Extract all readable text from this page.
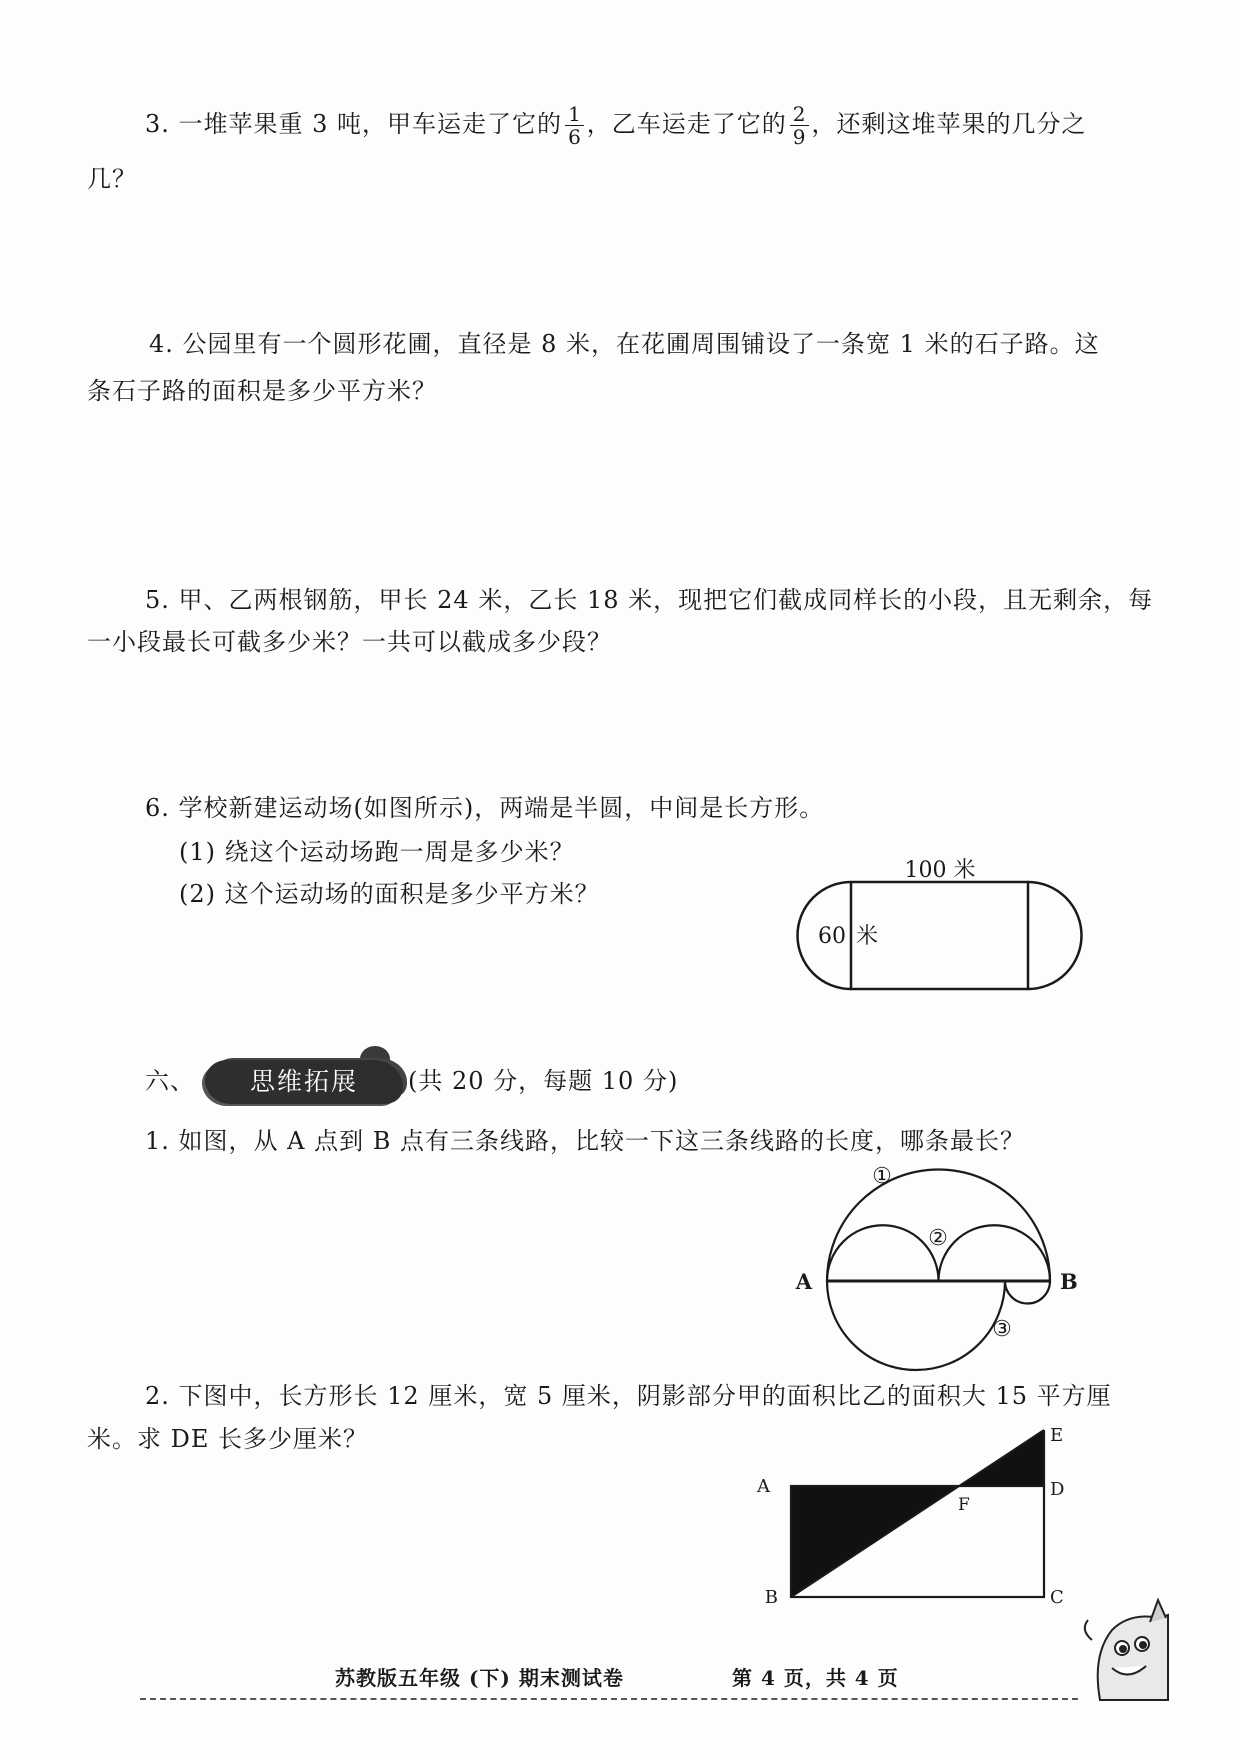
3. 一堆苹果重 3 吨，甲车运走了它的 $\frac{1}{6}$ ，乙车运走了它的 $\frac{2}{9}$ ，还剩这堆苹果的几分之
几？
4. 公园里有一个圆形花圃，直径是 8 米，在花圃周围铺设了一条宽 1 米的石子路。这
条石子路的面积是多少平方米？
5. 甲、乙两根钢筋，甲长 24 米，乙长 18 米，现把它们截成同样长的小段，且无剩余，每
一小段最长可截多少米？一共可以截成多少段？
6. 学校新建运动场(如图所示)，两端是半圆，中间是长方形。
(1) 绕这个运动场跑一周是多少米？
(2) 这个运动场的面积是多少平方米？
六、	思维拓展	(共 20 分，每题 10 分)
1. 如图，从 A 点到 B 点有三条线路，比较一下这三条线路的长度，哪条最长？
2. 下图中，长方形长 12 厘米，宽 5 厘米，阴影部分甲的面积比乙的面积大 15 平方厘
米。求 DE 长多少厘米？
100 米
60 米
①
②
③
A	B
E
A	D
F
B	C
苏教版五年级 (下) 期末测试卷	第 4 页，共 4 页
